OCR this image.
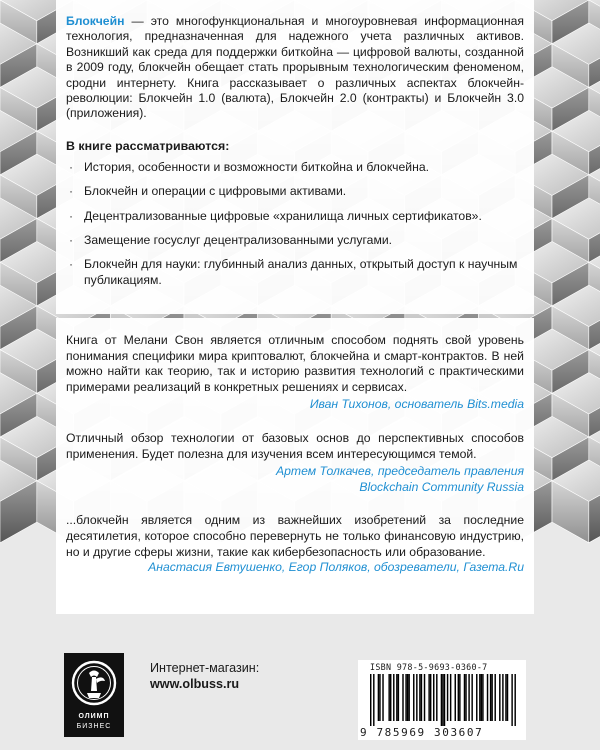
Блокчейн — это многофункциональная и многоуровневая информационная технология, предназначенная для надежного учета различных активов. Возникший как среда для поддержки биткойна — цифровой валюты, созданной в 2009 году, блокчейн обещает стать прорывным технологическим феноменом, сродни интернету. Книга рассказывает о различных аспектах блокчейн-революции: Блокчейн 1.0 (валюта), Блокчейн 2.0 (контракты) и Блокчейн 3.0 (приложения).

В книге рассматриваются:

· История, особенности и возможности биткойна и блокчейна.
· Блокчейн и операции с цифровыми активами.
· Децентрализованные цифровые «хранилища личных сертификатов».
· Замещение госуслуг децентрализованными услугами.
· Блокчейн для науки: глубинный анализ данных, открытый доступ к научным публикациям.

Книга от Мелани Свон является отличным способом поднять свой уровень понимания специфики мира криптовалют, блокчейна и смарт-контрактов. В ней можно найти как теорию, так и историю развития технологий с практическими примерами реализаций в конкретных решениях и сервисах.

Иван Тихонов, основатель Bits.media

Отличный обзор технологии от базовых основ до перспективных способов применения. Будет полезна для изучения всем интересующимся темой.

Артем Толкачев, председатель правления Blockchain Community Russia

...блокчейн является одним из важнейших изобретений за последние десятилетия, которое способно перевернуть не только финансовую индустрию, но и другие сферы жизни, такие как кибербезопасность или образование.

Анастасия Евтушенко, Егор Поляков, обозреватели, Газета.Ru

ОЛИМП
БИЗНЕС
Интернет-магазин:
www.olbuss.ru
ISBN 978-5-9693-0360-7
9 785969 303607
